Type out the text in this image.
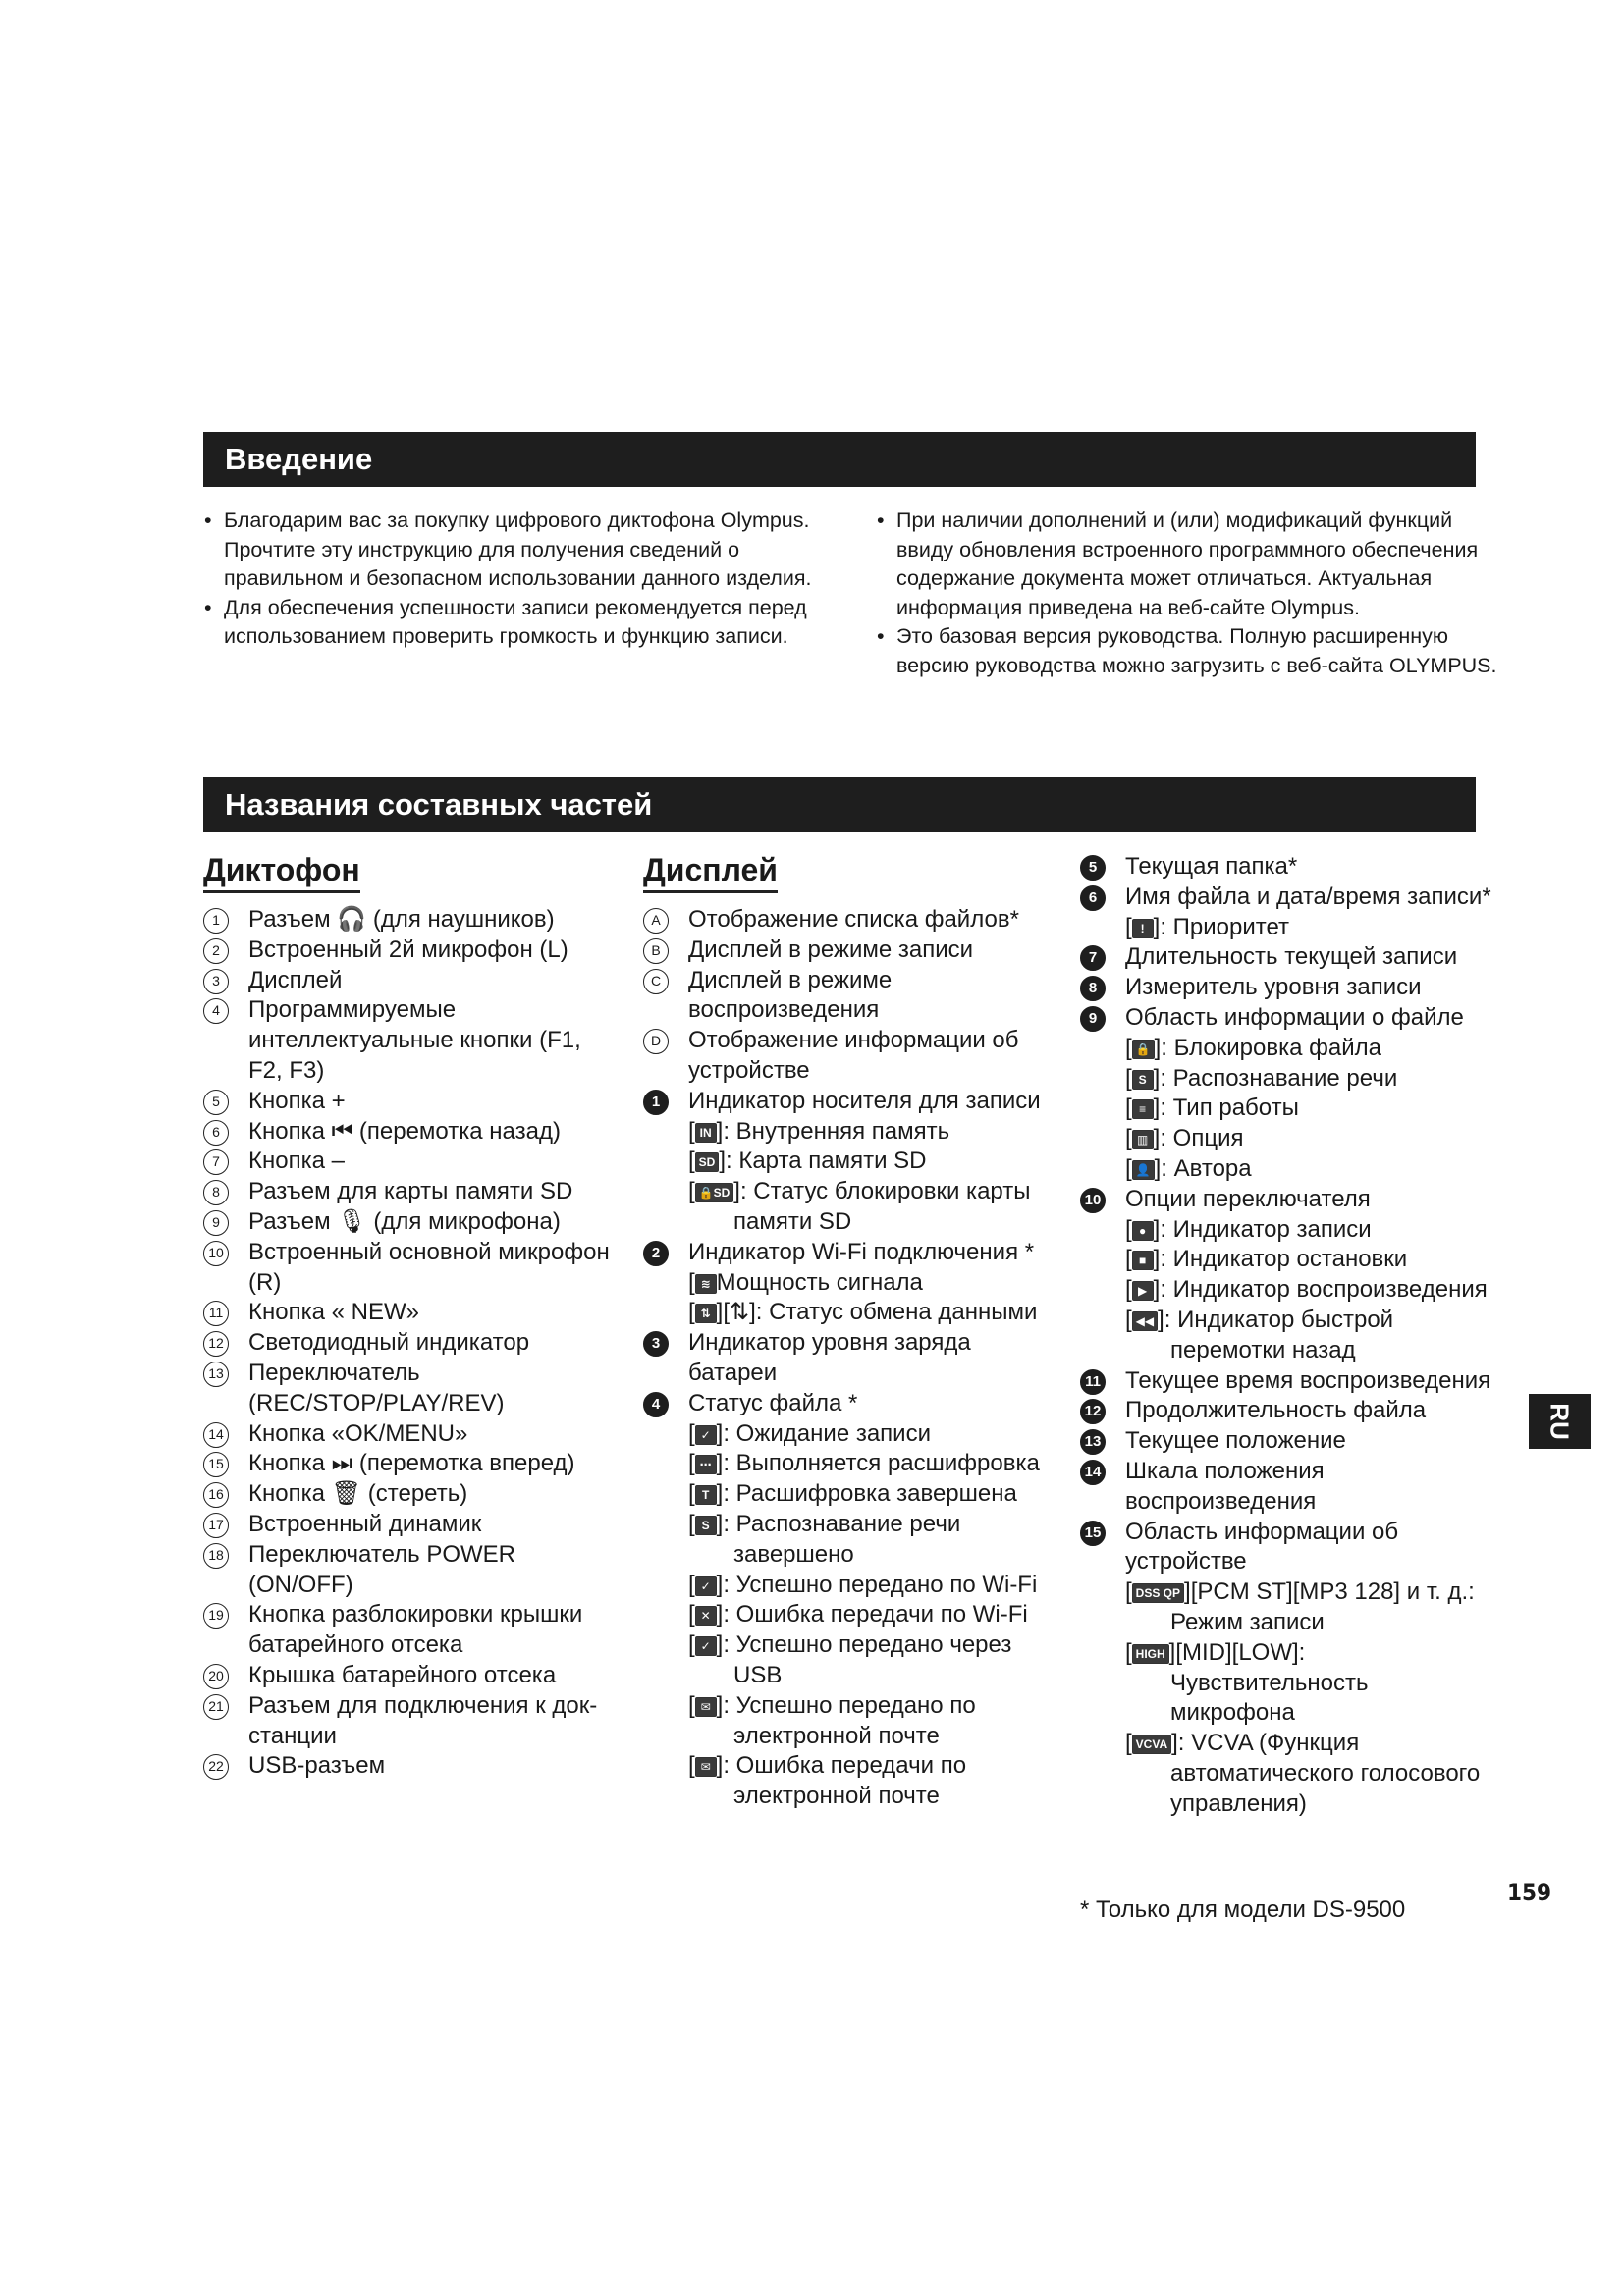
Введение

• Благодарим вас за покупку цифрового диктофона Olympus. Прочтите эту инструкцию для получения сведений о правильном и безопасном использовании данного изделия.

• Для обеспечения успешности записи рекомендуется перед использованием проверить громкость и функцию записи.

• При наличии дополнений и (или) модификаций функций ввиду обновления встроенного программного обеспечения содержание документа может отличаться. Актуальная информация приведена на веб-сайте Olympus.

• Это базовая версия руководства. Полную расширенную версию руководства можно загрузить с веб-сайта OLYMPUS.

Названия составных частей
Диктофон
1	Разъем 🎧 (для наушников)
2	Встроенный 2й микрофон (L)
3	Дисплей
4	Программируемые интеллектуальные кнопки (F1, F2, F3)
5	Кнопка +
6	Кнопка ⏮ (перемотка назад)
7	Кнопка –
8	Разъем для карты памяти SD
9	Разъем 🎙 (для микрофона)
10 Встроенный основной микрофон (R)
11 Кнопка « NEW»
12 Светодиодный индикатор
13 Переключатель (REC/STOP/PLAY/REV)
14 Кнопка «OK/MENU»
15 Кнопка ⏭ (перемотка вперед)
16 Кнопка 🗑 (стереть)
17 Встроенный динамик
18 Переключатель POWER (ON/OFF)
19 Кнопка разблокировки крышки батарейного отсека
20 Крышка батарейного отсека
21 Разъем для подключения к док-станции
22 USB-разъем
Дисплей
A	Отображение списка файлов*
B	Дисплей в режиме записи
C	Дисплей в режиме воспроизведения
D	Отображение информации об устройстве
1	Индикатор носителя для записи
[ IN ]: Внутренняя память
[ SD ]: Карта памяти SD
[ 🔒SD ]: Статус блокировки карты памяти SD
2	Индикатор Wi-Fi подключения *
[ ≋ Мощность сигнала
[ ⇅ ][⇅]: Статус обмена данными
3	Индикатор уровня заряда батареи
4	Статус файла *
[ ✓ ]: Ожидание записи
[ ⋯ ]: Выполняется расшифровка
[ T ]: Расшифровка завершена
[ S ]: Распознавание речи завершено
[ ✓ ]: Успешно передано по Wi-Fi
[ ✕ ]: Ошибка передачи по Wi-Fi
[ ✓ ]: Успешно передано через USB
[ ✉ ]: Успешно передано по электронной почте
[ ✉ ]: Ошибка передачи по электронной почте
5	Текущая папка*
6	Имя файла и дата/время записи*
[ ! ]: Приоритет
7	Длительность текущей записи
8	Измеритель уровня записи
9	Область информации о файле
[ 🔒 ]: Блокировка файла
[ S ]: Распознавание речи
[ ≡ ]: Тип работы
[ ▥ ]: Опция
[ 👤 ]: Автора
10 Опции переключателя
[ ● ]: Индикатор записи
[ ■ ]: Индикатор остановки
[ ▶ ]: Индикатор воспроизведения
[ ◀◀ ]: Индикатор быстрой перемотки назад
11 Текущее время воспроизведения
12 Продолжительность файла
13 Текущее положение
14 Шкала положения воспроизведения
15 Область информации об устройстве
[ DSS QP ][PCM ST][MP3 128] и т. д.: Режим записи
[ HIGH ][MID][LOW]: Чувствительность микрофона
[ VCVA ]: VCVA (Функция автоматического голосового управления)
* Только для модели DS-9500
RU
159
